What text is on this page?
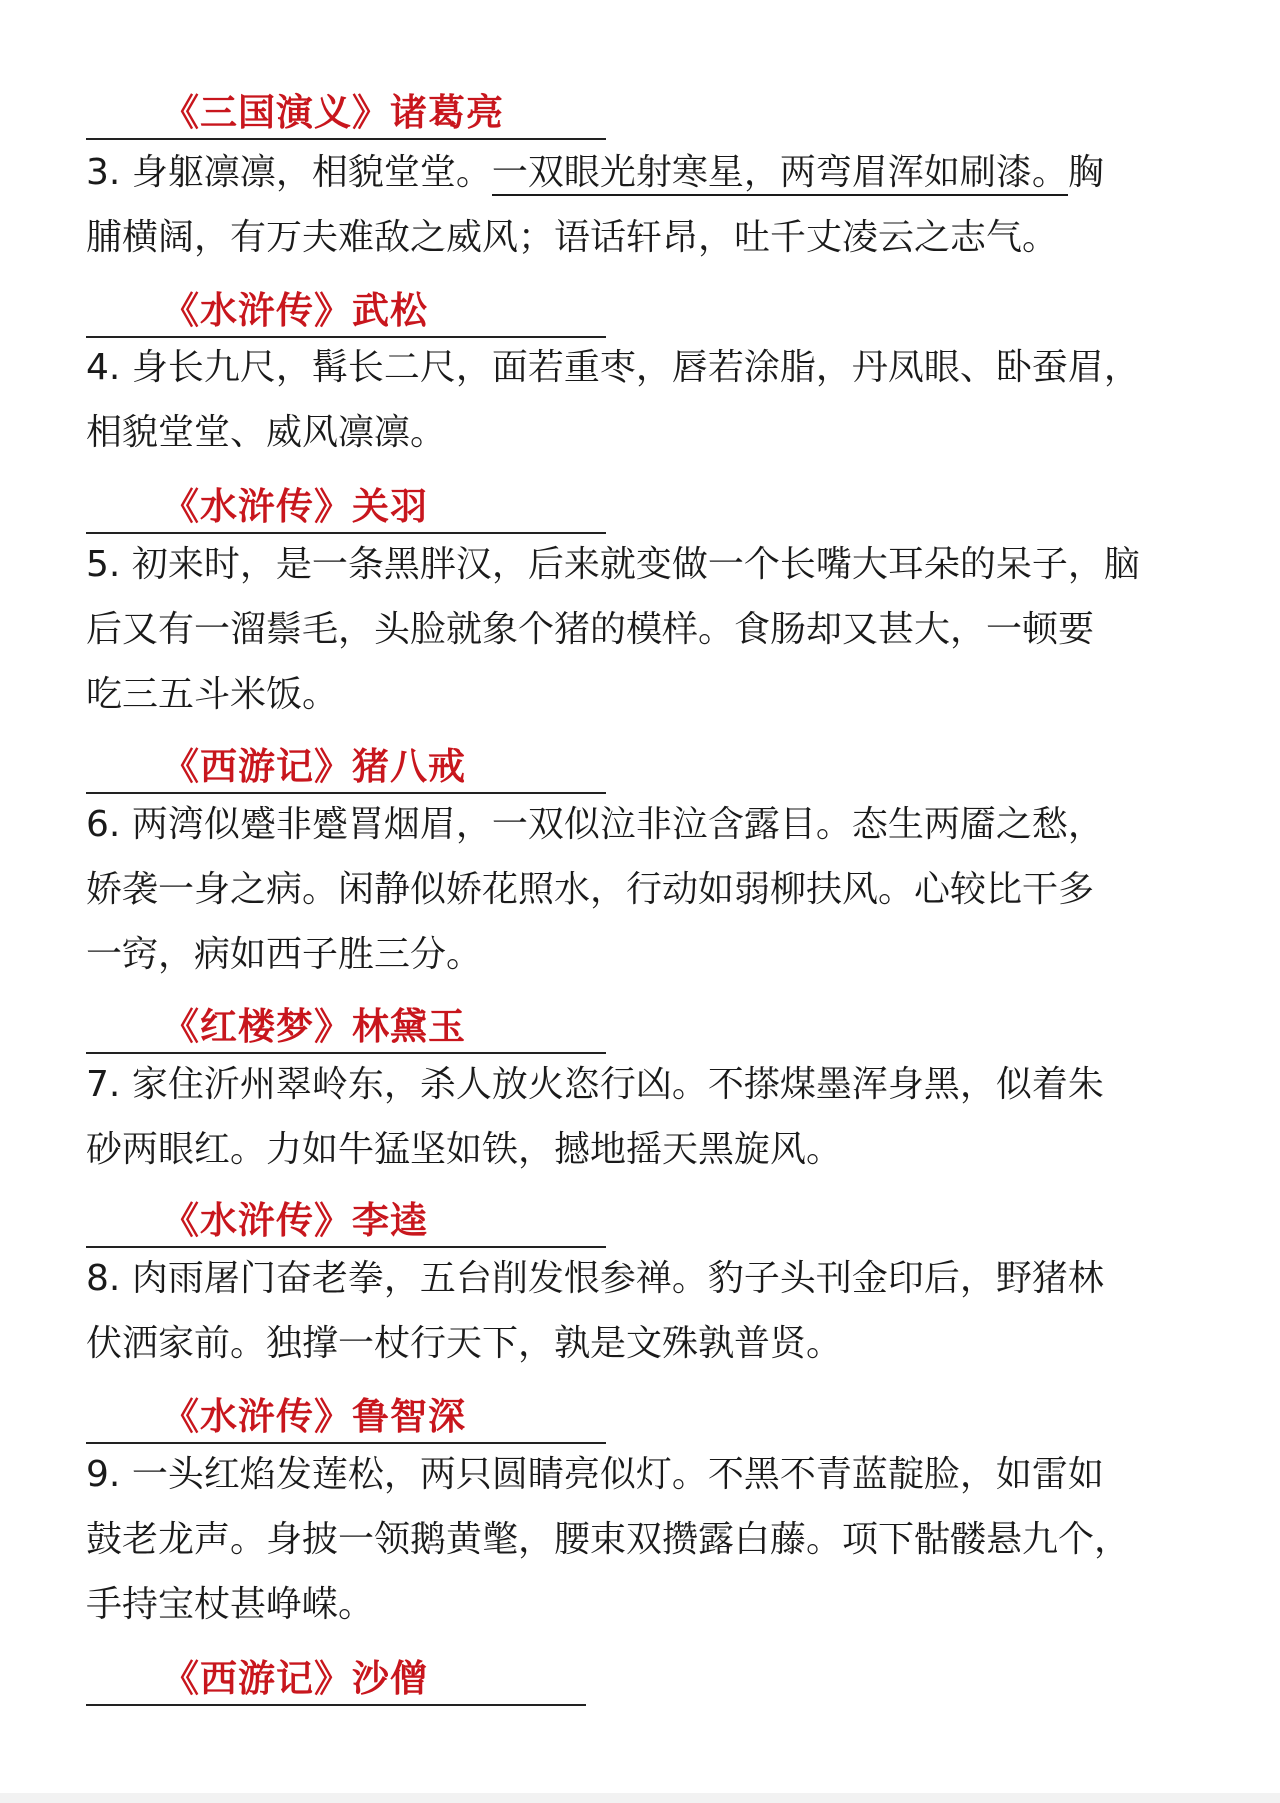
《三国演义》诸葛亮
3. 身躯凛凛，相貌堂堂。一双眼光射寒星，两弯眉浑如刷漆。胸
脯横阔，有万夫难敌之威风；语话轩昂，吐千丈凌云之志气。
《水浒传》武松
4. 身长九尺，髯长二尺，面若重枣，唇若涂脂，丹凤眼、卧蚕眉，
相貌堂堂、威风凛凛。
《水浒传》关羽
5. 初来时，是一条黑胖汉，后来就变做一个长嘴大耳朵的呆子，脑
后又有一溜鬃毛，头脸就象个猪的模样。食肠却又甚大，一顿要
吃三五斗米饭。
《西游记》猪八戒
6. 两湾似蹙非蹙罥烟眉，一双似泣非泣含露目。态生两靥之愁，
娇袭一身之病。闲静似娇花照水，行动如弱柳扶风。心较比干多
一窍，病如西子胜三分。
《红楼梦》林黛玉
7. 家住沂州翠岭东，杀人放火恣行凶。不搽煤墨浑身黑，似着朱
砂两眼红。力如牛猛坚如铁，撼地摇天黑旋风。
《水浒传》李逵
8. 肉雨屠门奋老拳，五台削发恨参禅。豹子头刊金印后，野猪林
伏洒家前。独撑一杖行天下，孰是文殊孰普贤。
《水浒传》鲁智深
9. 一头红焰发莲松，两只圆睛亮似灯。不黑不青蓝靛脸，如雷如
鼓老龙声。身披一领鹅黄氅，腰束双攒露白藤。项下骷髅悬九个，
手持宝杖甚峥嵘。
《西游记》沙僧
